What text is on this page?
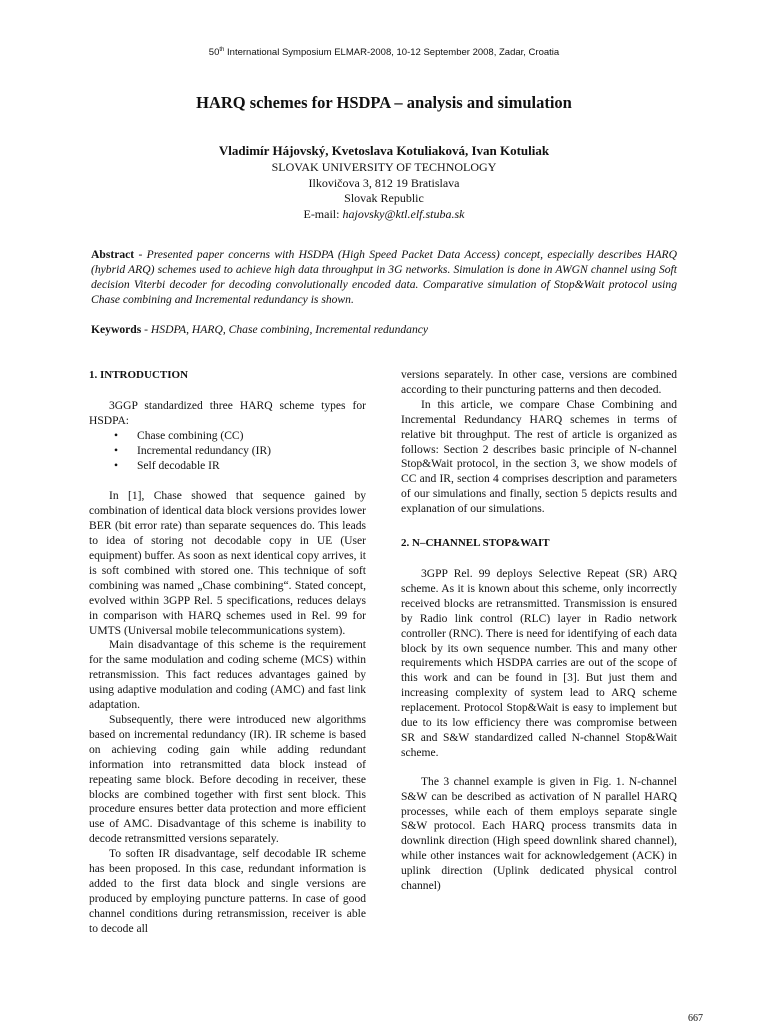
50th International Symposium ELMAR-2008, 10-12 September 2008, Zadar, Croatia
HARQ schemes for HSDPA – analysis and simulation
Vladimír Hájovský, Kvetoslava Kotuliaková, Ivan Kotuliak
SLOVAK UNIVERSITY OF TECHNOLOGY
Ilkovičova 3, 812 19 Bratislava
Slovak Republic
E-mail: hajovsky@ktl.elf.stuba.sk
Abstract - Presented paper concerns with HSDPA (High Speed Packet Data Access) concept, especially describes HARQ (hybrid ARQ) schemes used to achieve high data throughput in 3G networks. Simulation is done in AWGN channel using Soft decision Viterbi decoder for decoding convolutionally encoded data. Comparative simulation of Stop&Wait protocol using Chase combining and Incremental redundancy is shown.
Keywords - HSDPA, HARQ, Chase combining, Incremental redundancy

1. INTRODUCTION

3GGP standardized three HARQ scheme types for HSDPA:

• Chase combining (CC)
• Incremental redundancy (IR)
• Self decodable IR

In [1], Chase showed that sequence gained by combination of identical data block versions provides lower BER (bit error rate) than separate sequences do. This leads to idea of storing not decodable copy in UE (User equipment) buffer. As soon as next identical copy arrives, it is soft combined with stored one. This technique of soft combining was named „Chase combining“. Stated concept, evolved within 3GPP Rel. 5 specifications, reduces delays in comparison with HARQ schemes used in Rel. 99 for UMTS (Universal mobile telecommunications system).

Main disadvantage of this scheme is the requirement for the same modulation and coding scheme (MCS) within retransmission. This fact reduces advantages gained by using adaptive modulation and coding (AMC) and fast link adaptation.

Subsequently, there were introduced new algorithms based on incremental redundancy (IR). IR scheme is based on achieving coding gain while adding redundant information into retransmitted data block instead of repeating same block. Before decoding in receiver, these blocks are combined together with first sent block. This procedure ensures better data protection and more efficient use of AMC. Disadvantage of this scheme is inability to decode retransmitted versions separately.

To soften IR disadvantage, self decodable IR scheme has been proposed. In this case, redundant information is added to the first data block and single versions are produced by employing puncture patterns. In case of good channel conditions during retransmission, receiver is able to decode all

versions separately. In other case, versions are combined according to their puncturing patterns and then decoded.

In this article, we compare Chase Combining and Incremental Redundancy HARQ schemes in terms of relative bit throughput. The rest of article is organized as follows: Section 2 describes basic principle of N-channel Stop&Wait protocol, in the section 3, we show models of CC and IR, section 4 comprises description and parameters of our simulations and finally, section 5 depicts results and explanation of our simulations.

2. N–CHANNEL STOP&WAIT

3GPP Rel. 99 deploys Selective Repeat (SR) ARQ scheme. As it is known about this scheme, only incorrectly received blocks are retransmitted. Transmission is ensured by Radio link control (RLC) layer in Radio network controller (RNC). There is need for identifying of each data block by its own sequence number. This and many other requirements which HSDPA carries are out of the scope of this work and can be found in [3]. But just them and increasing complexity of system lead to ARQ scheme replacement. Protocol Stop&Wait is easy to implement but due to its low efficiency there was compromise between SR and S&W standardized called N-channel Stop&Wait scheme.

The 3 channel example is given in Fig. 1. N-channel S&W can be described as activation of N parallel HARQ processes, while each of them employs separate single S&W protocol. Each HARQ process transmits data in downlink direction (High speed downlink shared channel), while other instances wait for acknowledgement (ACK) in uplink direction (Uplink dedicated physical control channel)

667
